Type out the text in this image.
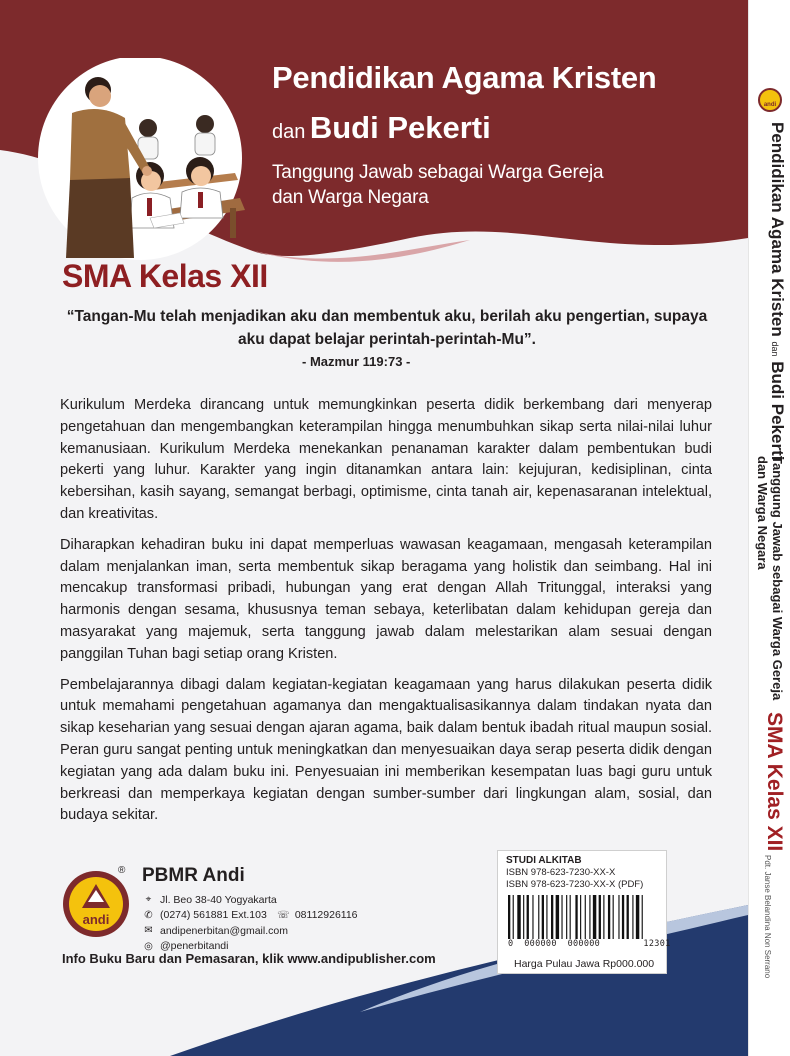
Pendidikan Agama Kristen
dan Budi Pekerti
Tanggung Jawab sebagai Warga Gereja
dan Warga Negara
SMA Kelas XII
“Tangan-Mu telah menjadikan aku dan membentuk aku, berilah aku pengertian, supaya aku dapat belajar perintah-perintah-Mu”.
- Mazmur 119:73 -

Kurikulum Merdeka dirancang untuk memungkinkan peserta didik berkembang dari menyerap pengetahuan dan mengembangkan keterampilan hingga menumbuhkan sikap serta nilai-nilai luhur kemanusiaan. Kurikulum Merdeka menekankan penanaman karakter dalam pembentukan budi pekerti yang luhur. Karakter yang ingin ditanamkan antara lain: kejujuran, kedisiplinan, cinta kebersihan, kasih sayang, semangat berbagi, optimisme, cinta tanah air, kepenasaranan intelektual, dan kreativitas.

Diharapkan kehadiran buku ini dapat memperluas wawasan keagamaan, mengasah keterampilan dalam menjalankan iman, serta membentuk sikap beragama yang holistik dan seimbang. Hal ini mencakup transformasi pribadi, hubungan yang erat dengan Allah Tritunggal, interaksi yang harmonis dengan sesama, khususnya teman sebaya, keterlibatan dalam kehidupan gereja dan masyarakat yang majemuk, serta tanggung jawab dalam melestarikan alam sesuai dengan panggilan Tuhan bagi setiap orang Kristen.

Pembelajarannya dibagi dalam kegiatan-kegiatan keagamaan yang harus dilakukan peserta didik untuk memahami pengetahuan agamanya dan mengaktualisasikannya dalam tindakan nyata dan sikap keseharian yang sesuai dengan ajaran agama, baik dalam bentuk ibadah ritual maupun sosial. Peran guru sangat penting untuk meningkatkan dan menyesuaikan daya serap peserta didik dengan kegiatan yang ada dalam buku ini. Penyesuaian ini memberikan kesempatan luas bagi guru untuk berkreasi dan memperkaya kegiatan dengan sumber-sumber dari lingkungan alam, sosial, dan budaya sekitar.

andi
® PBMR Andi
⌖ Jl. Beo 38-40 Yogyakarta
✆ (0274) 561881 Ext.103 ☏ 08112926116
✉ andipenerbitan@gmail.com
◎ @penerbitandi
Info Buku Baru dan Pemasaran, klik www.andipublisher.com
STUDI ALKITAB
ISBN 978-623-7230-XX-X
ISBN 978-623-7230-XX-X (PDF)
0  000000  000000        12301
Harga Pulau Jawa Rp000.000
andi
Pendidikan Agama Kristen dan Budi Pekerti
Tanggung Jawab sebagai Warga Gereja
dan Warga Negara
SMA Kelas XII
Pdt. Janse Belandina Non Serrano
